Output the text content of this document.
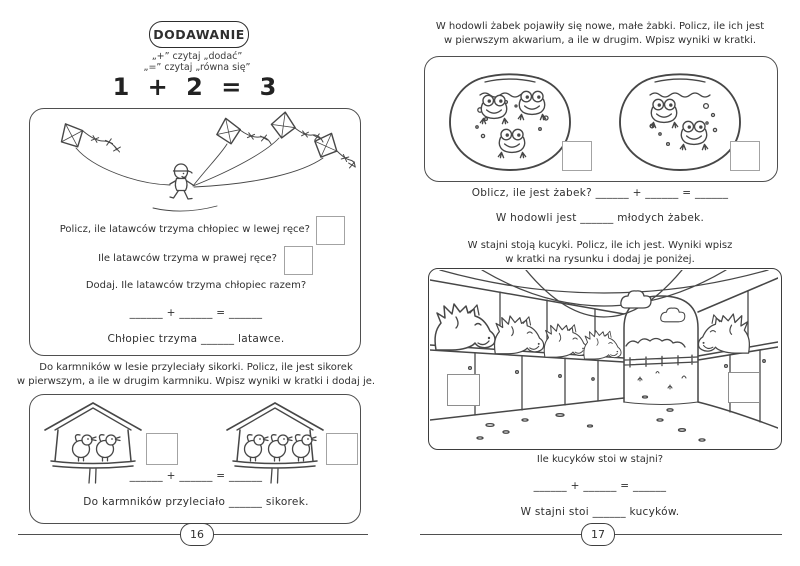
DODAWANIE
„+” czytaj „dodać”
„=” czytaj „równa się”
1 + 2 = 3
Policz, ile latawców trzyma chłopiec w lewej ręce?
Ile latawców trzyma w prawej ręce?
Dodaj. Ile latawców trzyma chłopiec razem?
______ + ______ = ______
Chłopiec trzyma ______ latawce.
Do karmników w lesie przyleciały sikorki. Policz, ile jest sikorek
w pierwszym, a ile w drugim karmniku. Wpisz wyniki w kratki i dodaj je.
______ + ______ = ______
Do karmników przyleciało ______ sikorek.
16
W hodowli żabek pojawiły się nowe, małe żabki. Policz, ile ich jest
w pierwszym akwarium, a ile w drugim. Wpisz wyniki w kratki.
Oblicz, ile jest żabek? ______ + ______ = ______
W hodowli jest ______ młodych żabek.
W stajni stoją kucyki. Policz, ile ich jest. Wyniki wpisz
w kratki na rysunku i dodaj je poniżej.
Ile kucyków stoi w stajni?
______ + ______ = ______
W stajni stoi ______ kucyków.
17
